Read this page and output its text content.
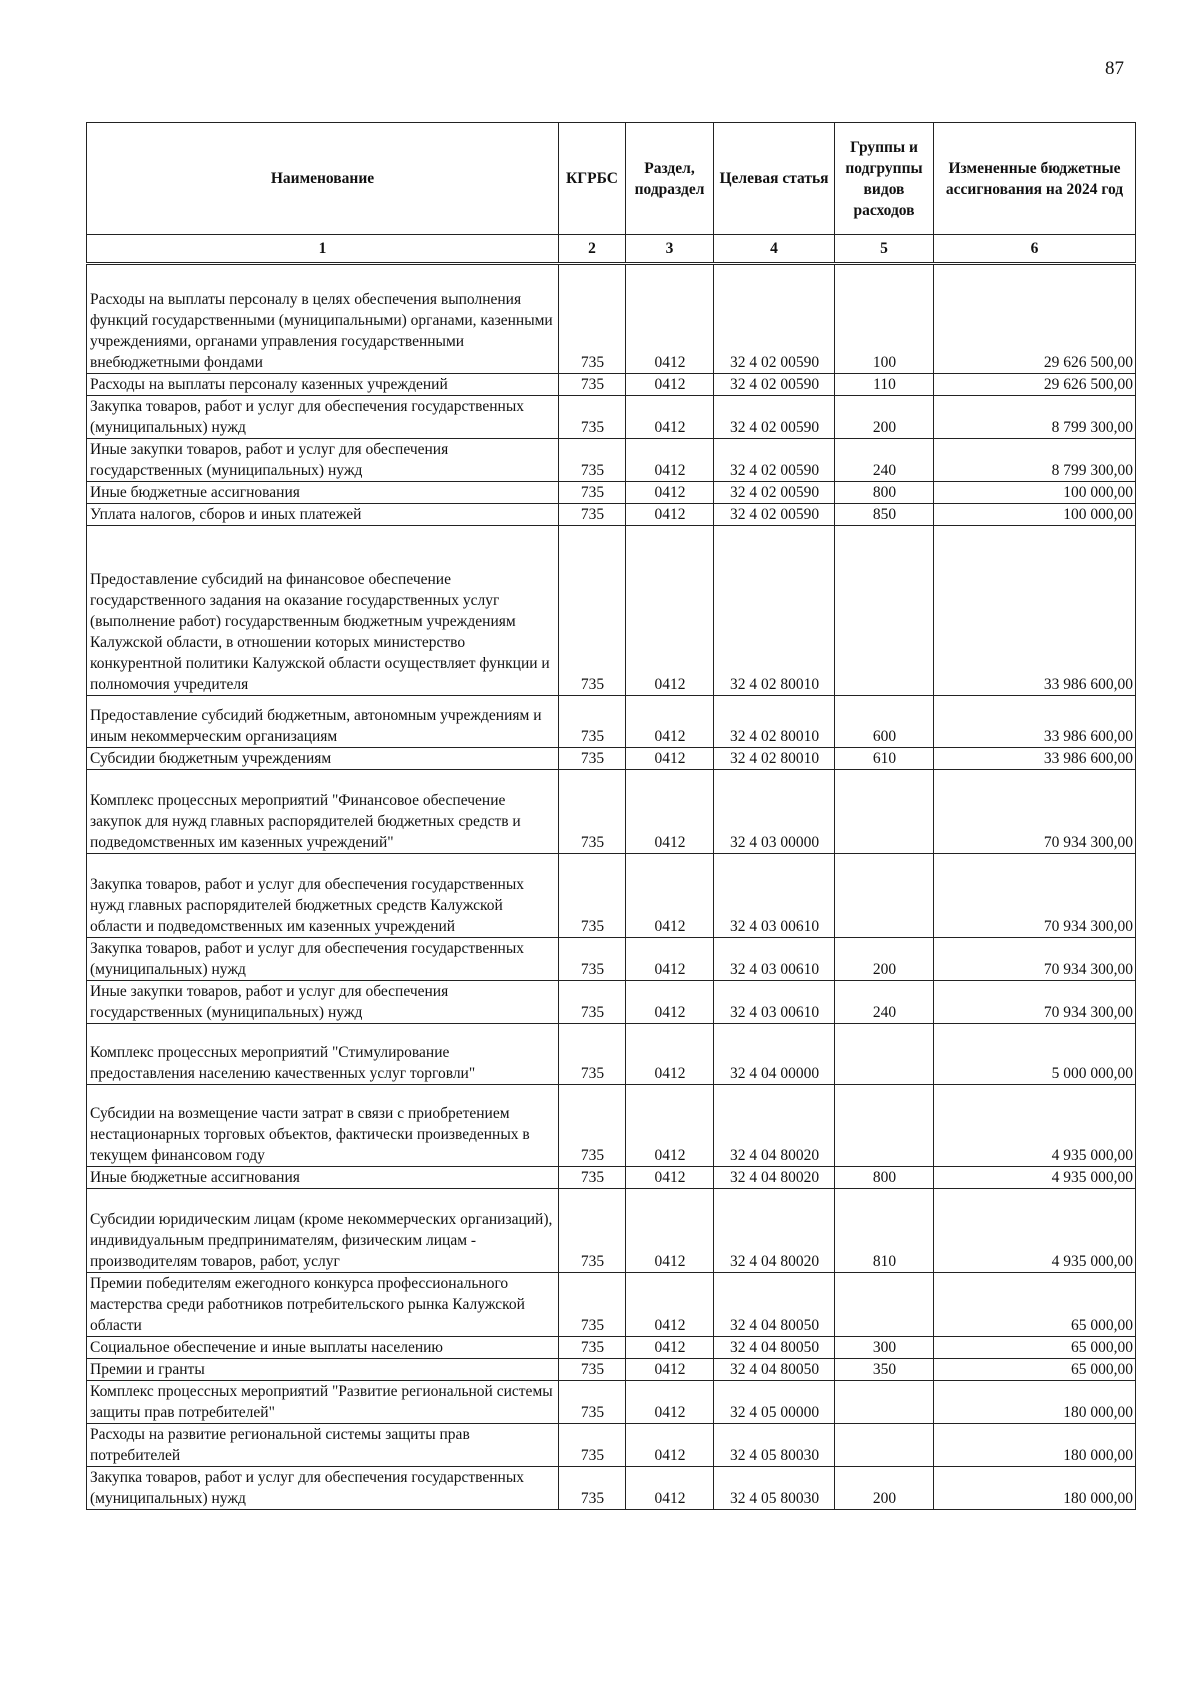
87
Наименование	КГРБС	Раздел, подраздел	Целевая статья	Группы и подгруппы видов расходов	Измененные бюджетные ассигнования на 2024 год
1	2	3	4	5	6
Расходы на выплаты персоналу в целях обеспечения выполнения функций государственными (муниципальными) органами, казенными учреждениями, органами управления государственными внебюджетными фондами	735	0412	32 4 02 00590	100	29 626 500,00
Расходы на выплаты персоналу казенных учреждений	735	0412	32 4 02 00590	110	29 626 500,00
Закупка товаров, работ и услуг для обеспечения государственных (муниципальных) нужд	735	0412	32 4 02 00590	200	8 799 300,00
Иные закупки товаров, работ и услуг для обеспечения государственных (муниципальных) нужд	735	0412	32 4 02 00590	240	8 799 300,00
Иные бюджетные ассигнования	735	0412	32 4 02 00590	800	100 000,00
Уплата налогов, сборов и иных платежей	735	0412	32 4 02 00590	850	100 000,00
Предоставление субсидий на финансовое обеспечение государственного задания на оказание государственных услуг (выполнение работ) государственным бюджетным учреждениям Калужской области, в отношении которых министерство конкурентной политики Калужской области осуществляет функции и полномочия учредителя	735	0412	32 4 02 80010		33 986 600,00
Предоставление субсидий бюджетным, автономным учреждениям и иным некоммерческим организациям	735	0412	32 4 02 80010	600	33 986 600,00
Субсидии бюджетным учреждениям	735	0412	32 4 02 80010	610	33 986 600,00
Комплекс процессных мероприятий "Финансовое обеспечение закупок для нужд главных распорядителей бюджетных средств и подведомственных им казенных учреждений"	735	0412	32 4 03 00000		70 934 300,00
Закупка товаров, работ и услуг для обеспечения государственных нужд главных распорядителей бюджетных средств Калужской области и подведомственных им казенных учреждений	735	0412	32 4 03 00610		70 934 300,00
Закупка товаров, работ и услуг для обеспечения государственных (муниципальных) нужд	735	0412	32 4 03 00610	200	70 934 300,00
Иные закупки товаров, работ и услуг для обеспечения государственных (муниципальных) нужд	735	0412	32 4 03 00610	240	70 934 300,00
Комплекс процессных мероприятий "Стимулирование предоставления населению качественных услуг торговли"	735	0412	32 4 04 00000		5 000 000,00
Субсидии на возмещение части затрат в связи с приобретением нестационарных торговых объектов, фактически произведенных в текущем финансовом году	735	0412	32 4 04 80020		4 935 000,00
Иные бюджетные ассигнования	735	0412	32 4 04 80020	800	4 935 000,00
Субсидии юридическим лицам (кроме некоммерческих организаций), индивидуальным предпринимателям, физическим лицам - производителям товаров, работ, услуг	735	0412	32 4 04 80020	810	4 935 000,00
Премии победителям ежегодного конкурса профессионального мастерства среди работников потребительского рынка Калужской области	735	0412	32 4 04 80050		65 000,00
Социальное обеспечение и иные выплаты населению	735	0412	32 4 04 80050	300	65 000,00
Премии и гранты	735	0412	32 4 04 80050	350	65 000,00
Комплекс процессных мероприятий "Развитие региональной системы защиты прав потребителей"	735	0412	32 4 05 00000		180 000,00
Расходы на развитие региональной системы защиты прав потребителей	735	0412	32 4 05 80030		180 000,00
Закупка товаров, работ и услуг для обеспечения государственных (муниципальных) нужд	735	0412	32 4 05 80030	200	180 000,00
